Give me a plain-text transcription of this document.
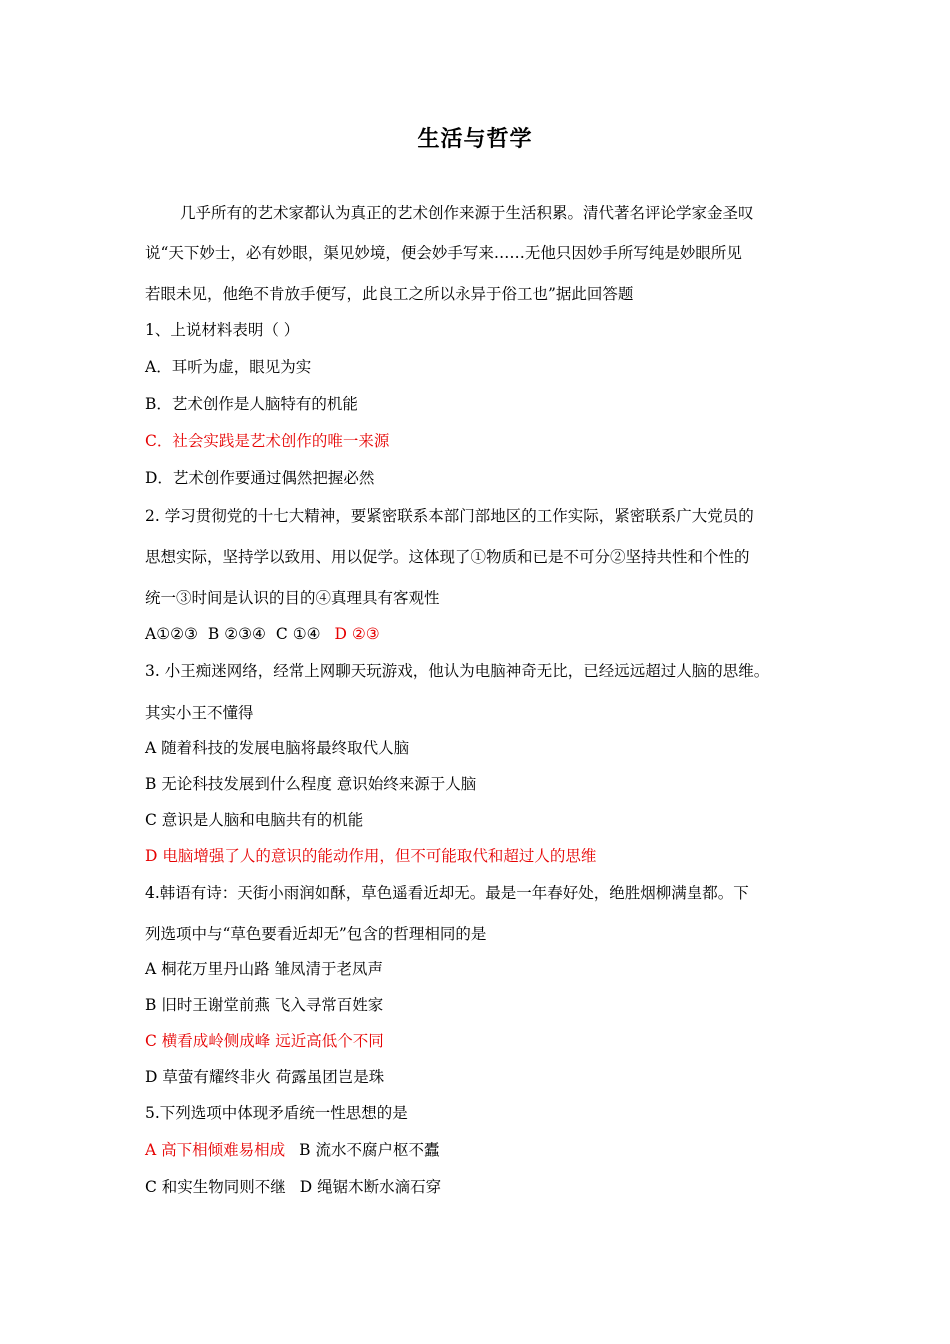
生活与哲学
几乎所有的艺术家都认为真正的艺术创作来源于生活积累。清代著名评论学家金圣叹
说“天下妙士，必有妙眼，渠见妙境，便会妙手写来……无他只因妙手所写纯是妙眼所见
若眼未见，他绝不肯放手便写，此良工之所以永异于俗工也”据此回答题
1、上说材料表明（ ）
A．耳听为虚，眼见为实
B．艺术创作是人脑特有的机能
C．社会实践是艺术创作的唯一来源
D．艺术创作要通过偶然把握必然
2. 学习贯彻党的十七大精神，要紧密联系本部门部地区的工作实际，紧密联系广大党员的
思想实际，坚持学以致用、用以促学。这体现了①物质和已是不可分②坚持共性和个性的
统一③时间是认识的目的④真理具有客观性
A①②③ B ②③④ C ①④ D ②③
3. 小王痴迷网络，经常上网聊天玩游戏，他认为电脑神奇无比，已经远远超过人脑的思维。
其实小王不懂得
A 随着科技的发展电脑将最终取代人脑
B 无论科技发展到什么程度 意识始终来源于人脑
C 意识是人脑和电脑共有的机能
D 电脑增强了人的意识的能动作用，但不可能取代和超过人的思维
4.韩语有诗：天街小雨润如酥，草色遥看近却无。最是一年春好处，绝胜烟柳满皇都。下
列选项中与“草色要看近却无”包含的哲理相同的是
A 桐花万里丹山路 雏凤清于老凤声
B 旧时王谢堂前燕 飞入寻常百姓家
C 横看成岭侧成峰 远近高低个不同
D 草萤有耀终非火 荷露虽团岂是珠
5.下列选项中体现矛盾统一性思想的是
A 高下相倾难易相成 B 流水不腐户枢不蠹
C 和实生物同则不继 D 绳锯木断水滴石穿
